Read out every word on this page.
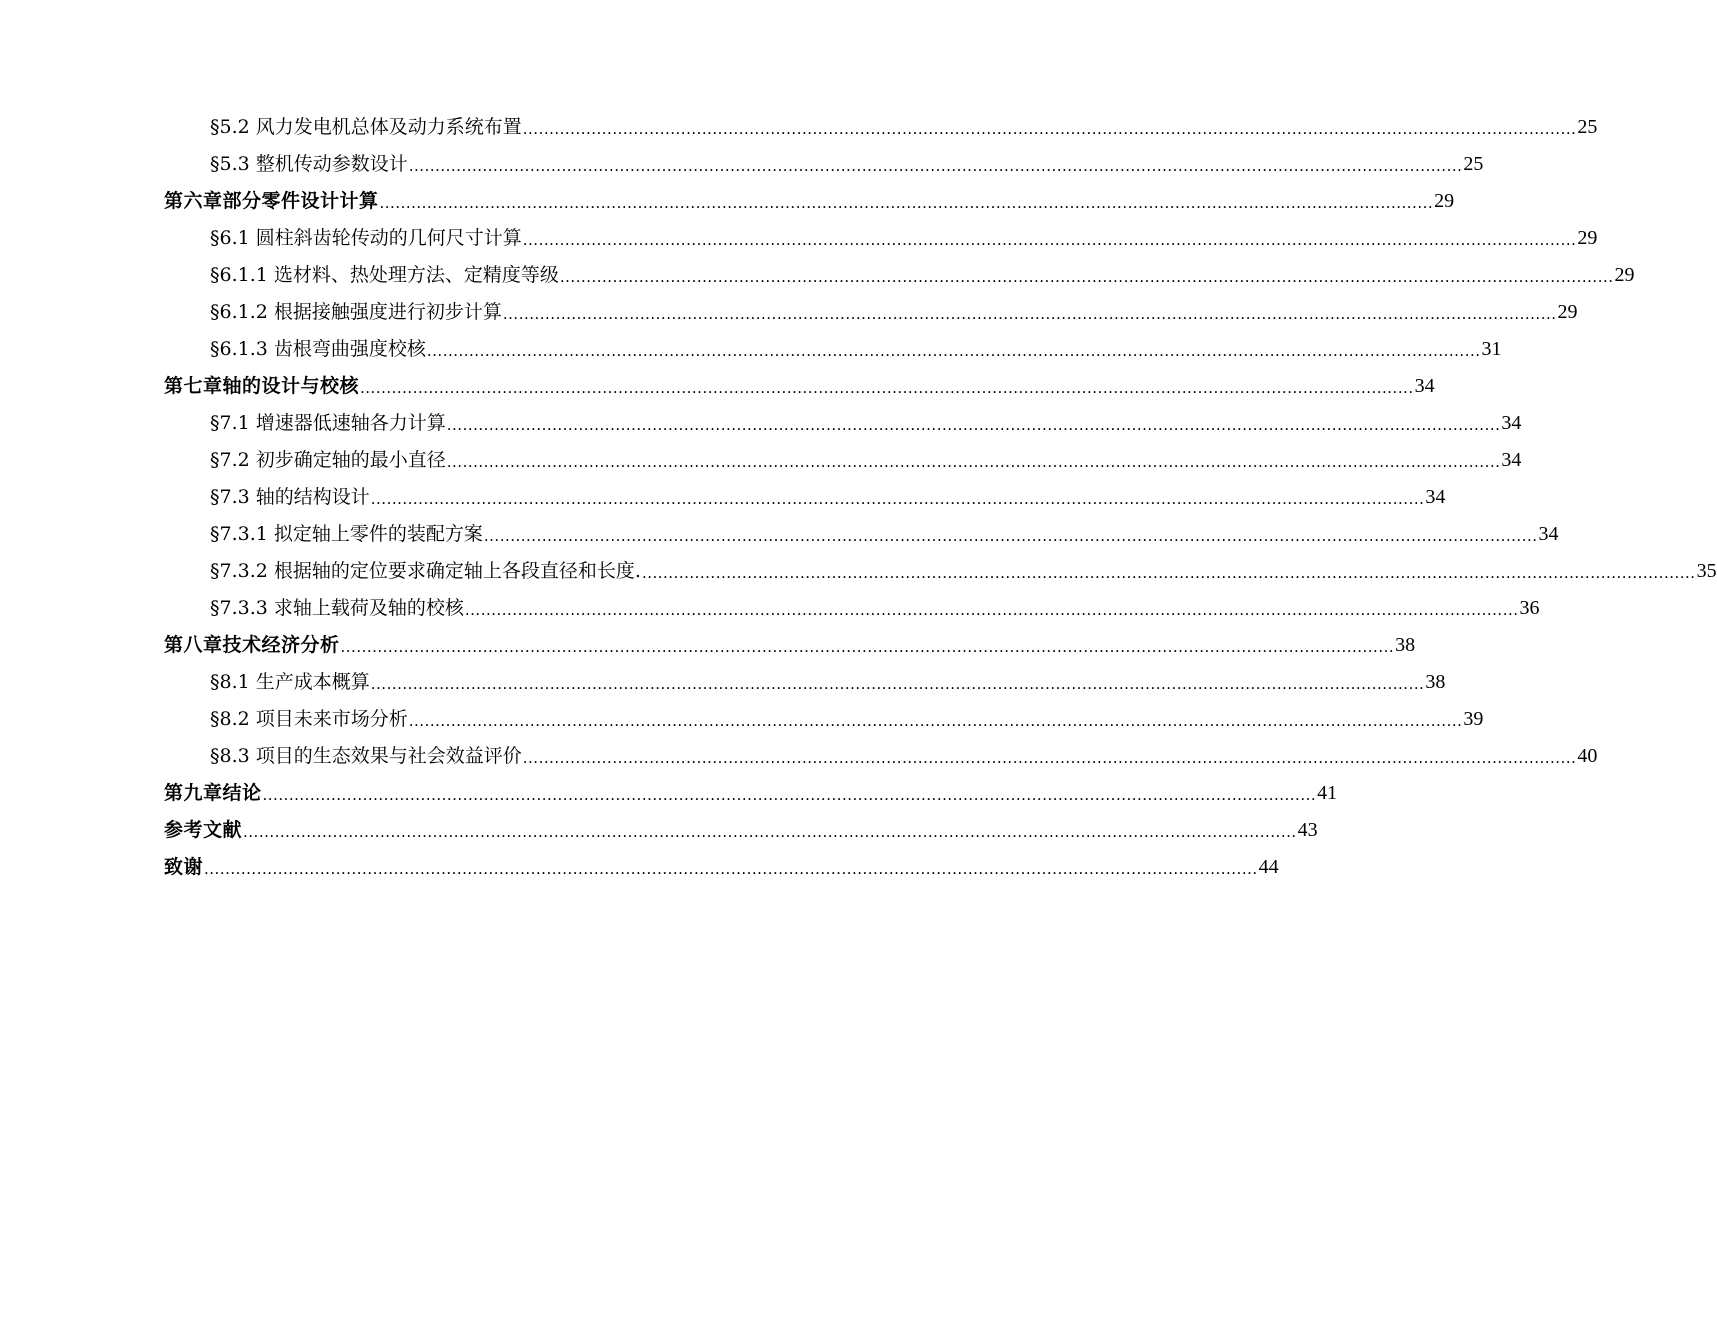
§5.2 风力发电机总体及动力系统布置 ........................................................................................................................................................................................................ 25
§5.3 整机传动参数设计 ........................................................................................................................................................................................................ 25
第六章部分零件设计计算 ........................................................................................................................................................................................................ 29
§6.1 圆柱斜齿轮传动的几何尺寸计算 ........................................................................................................................................................................................................ 29
§6.1.1 选材料、热处理方法、定精度等级 ........................................................................................................................................................................................................ 29
§6.1.2 根据接触强度进行初步计算 ........................................................................................................................................................................................................ 29
§6.1.3 齿根弯曲强度校核 ........................................................................................................................................................................................................ 31
第七章轴的设计与校核 ........................................................................................................................................................................................................ 34
§7.1 增速器低速轴各力计算 ........................................................................................................................................................................................................ 34
§7.2 初步确定轴的最小直径 ........................................................................................................................................................................................................ 34
§7.3 轴的结构设计 ........................................................................................................................................................................................................ 34
§7.3.1 拟定轴上零件的装配方案 ........................................................................................................................................................................................................ 34
§7.3.2 根据轴的定位要求确定轴上各段直径和长度. ........................................................................................................................................................................................................ 35
§7.3.3 求轴上载荷及轴的校核 ........................................................................................................................................................................................................ 36
第八章技术经济分析 ........................................................................................................................................................................................................ 38
§8.1 生产成本概算 ........................................................................................................................................................................................................ 38
§8.2 项目未来市场分析 ........................................................................................................................................................................................................ 39
§8.3 项目的生态效果与社会效益评价 ........................................................................................................................................................................................................ 40
第九章结论 ........................................................................................................................................................................................................ 41
参考文献 ........................................................................................................................................................................................................ 43
致谢 ........................................................................................................................................................................................................ 44
